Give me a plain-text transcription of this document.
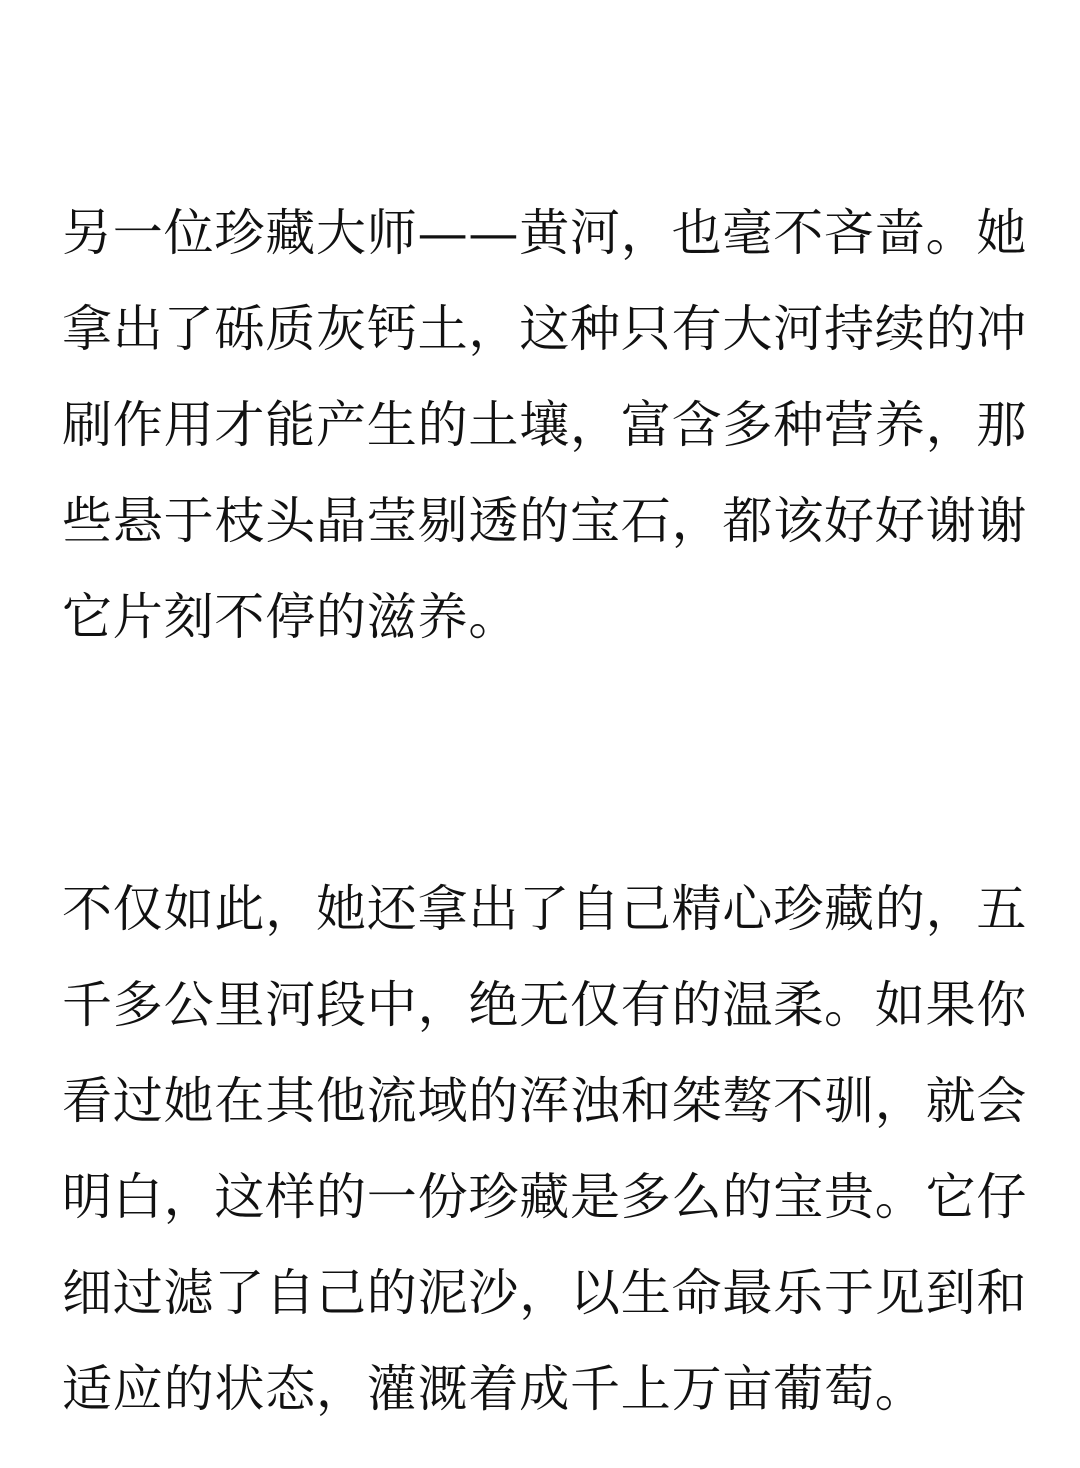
另一位珍藏大师——黄河，也毫不吝啬。她
拿出了砾质灰钙土，这种只有大河持续的冲
刷作用才能产生的土壤，富含多种营养，那
些悬于枝头晶莹剔透的宝石，都该好好谢谢
它片刻不停的滋养。

不仅如此，她还拿出了自己精心珍藏的，五
千多公里河段中，绝无仅有的温柔。如果你
看过她在其他流域的浑浊和桀骜不驯，就会
明白，这样的一份珍藏是多么的宝贵。它仔
细过滤了自己的泥沙，以生命最乐于见到和
适应的状态，灌溉着成千上万亩葡萄。
